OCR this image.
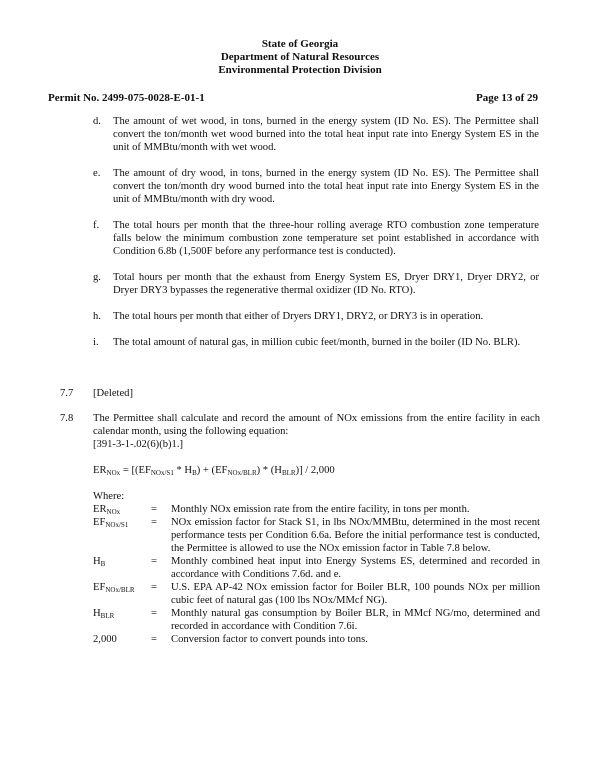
State of Georgia
Department of Natural Resources
Environmental Protection Division
Permit No. 2499-075-0028-E-01-1	Page 13 of 29
d. The amount of wet wood, in tons, burned in the energy system (ID No. ES). The Permittee shall convert the ton/month wet wood burned into the total heat input rate into Energy System ES in the unit of MMBtu/month with wet wood.
e. The amount of dry wood, in tons, burned in the energy system (ID No. ES). The Permittee shall convert the ton/month dry wood burned into the total heat input rate into Energy System ES in the unit of MMBtu/month with dry wood.
f. The total hours per month that the three-hour rolling average RTO combustion zone temperature falls below the minimum combustion zone temperature set point established in accordance with Condition 6.8b (1,500F before any performance test is conducted).
g. Total hours per month that the exhaust from Energy System ES, Dryer DRY1, Dryer DRY2, or Dryer DRY3 bypasses the regenerative thermal oxidizer (ID No. RTO).
h. The total hours per month that either of Dryers DRY1, DRY2, or DRY3 is in operation.
i. The total amount of natural gas, in million cubic feet/month, burned in the boiler (ID No. BLR).
7.7 [Deleted]
7.8 The Permittee shall calculate and record the amount of NOx emissions from the entire facility in each calendar month, using the following equation:
[391-3-1-.02(6)(b)1.]
$ER_{NOx} = [(EF_{NOx/S1} * H_B) + (EF_{NOx/BLR}) * (H_{BLR})] / 2,000$
Where:
$ER_{NOx}$	=	Monthly NOx emission rate from the entire facility, in tons per month.
$EF_{NOx/S1}$	=	NOx emission factor for Stack S1, in lbs NOx/MMBtu, determined in the most recent performance tests per Condition 6.6a. Before the initial performance test is conducted, the Permittee is allowed to use the NOx emission factor in Table 7.8 below.
$H_B$	=	Monthly combined heat input into Energy Systems ES, determined and recorded in accordance with Conditions 7.6d. and e.
$EF_{NOx/BLR}$	=	U.S. EPA AP-42 NOx emission factor for Boiler BLR, 100 pounds NOx per million cubic feet of natural gas (100 lbs NOx/MMcf NG).
$H_{BLR}$	=	Monthly natural gas consumption by Boiler BLR, in MMcf NG/mo, determined and recorded in accordance with Condition 7.6i.
2,000	=	Conversion factor to convert pounds into tons.
